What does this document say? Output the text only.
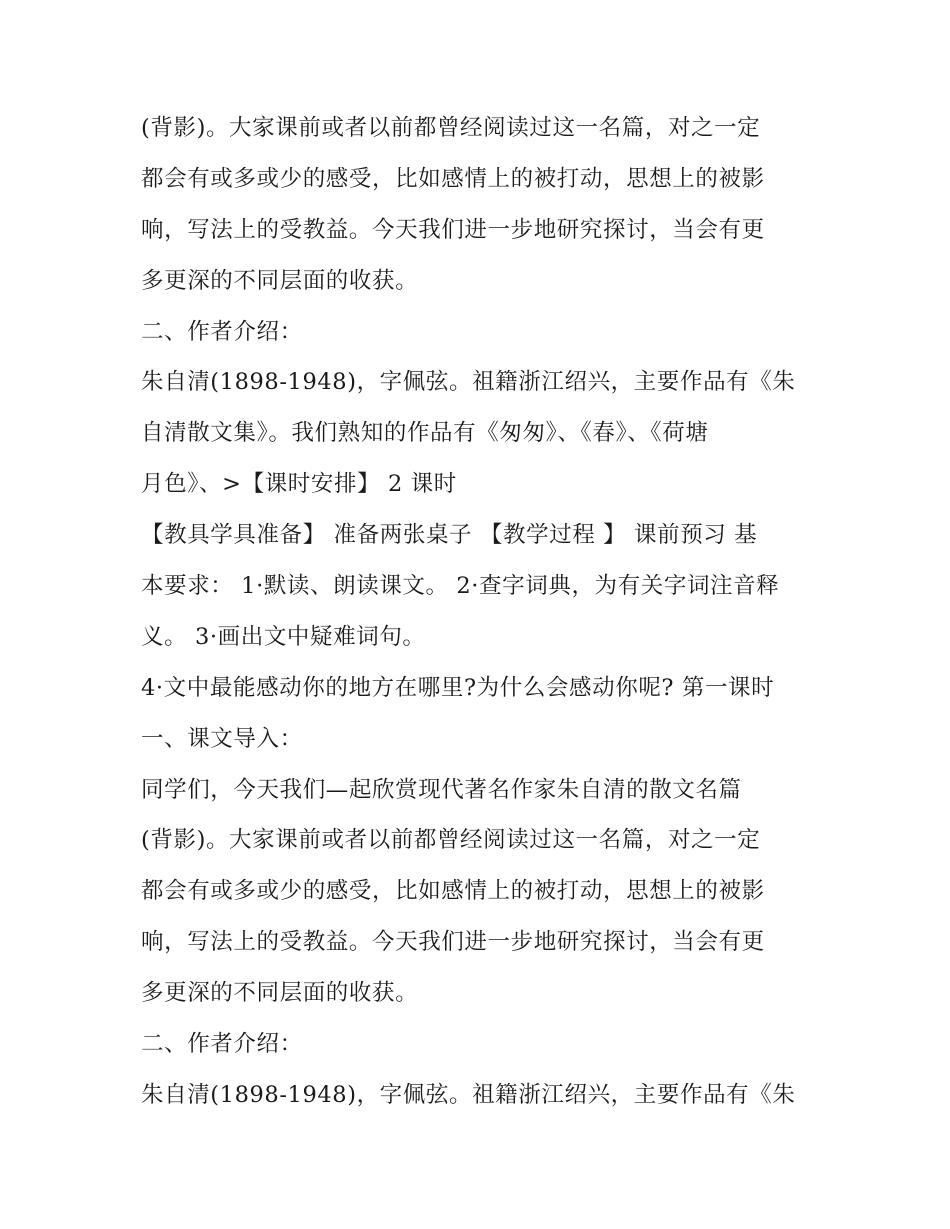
(背影)。大家课前或者以前都曾经阅读过这一名篇，对之一定
都会有或多或少的感受，比如感情上的被打动，思想上的被影
响，写法上的受教益。今天我们进一步地研究探讨，当会有更
多更深的不同层面的收获。
二、作者介绍：
朱自清(1898-1948)，字佩弦。祖籍浙江绍兴，主要作品有《朱
自清散文集》。我们熟知的作品有《匆匆》、《春》、《荷塘
月色》、>【课时安排】 2 课时
【教具学具准备】 准备两张桌子 【教学过程 】 课前预习 基
本要求： 1·默读、朗读课文。 2·查字词典，为有关字词注音释
义。 3·画出文中疑难词句。
4·文中最能感动你的地方在哪里?为什么会感动你呢? 第一课时
一、课文导入：
同学们，今天我们—起欣赏现代著名作家朱自清的散文名篇
(背影)。大家课前或者以前都曾经阅读过这一名篇，对之一定
都会有或多或少的感受，比如感情上的被打动，思想上的被影
响，写法上的受教益。今天我们进一步地研究探讨，当会有更
多更深的不同层面的收获。
二、作者介绍：
朱自清(1898-1948)，字佩弦。祖籍浙江绍兴，主要作品有《朱
